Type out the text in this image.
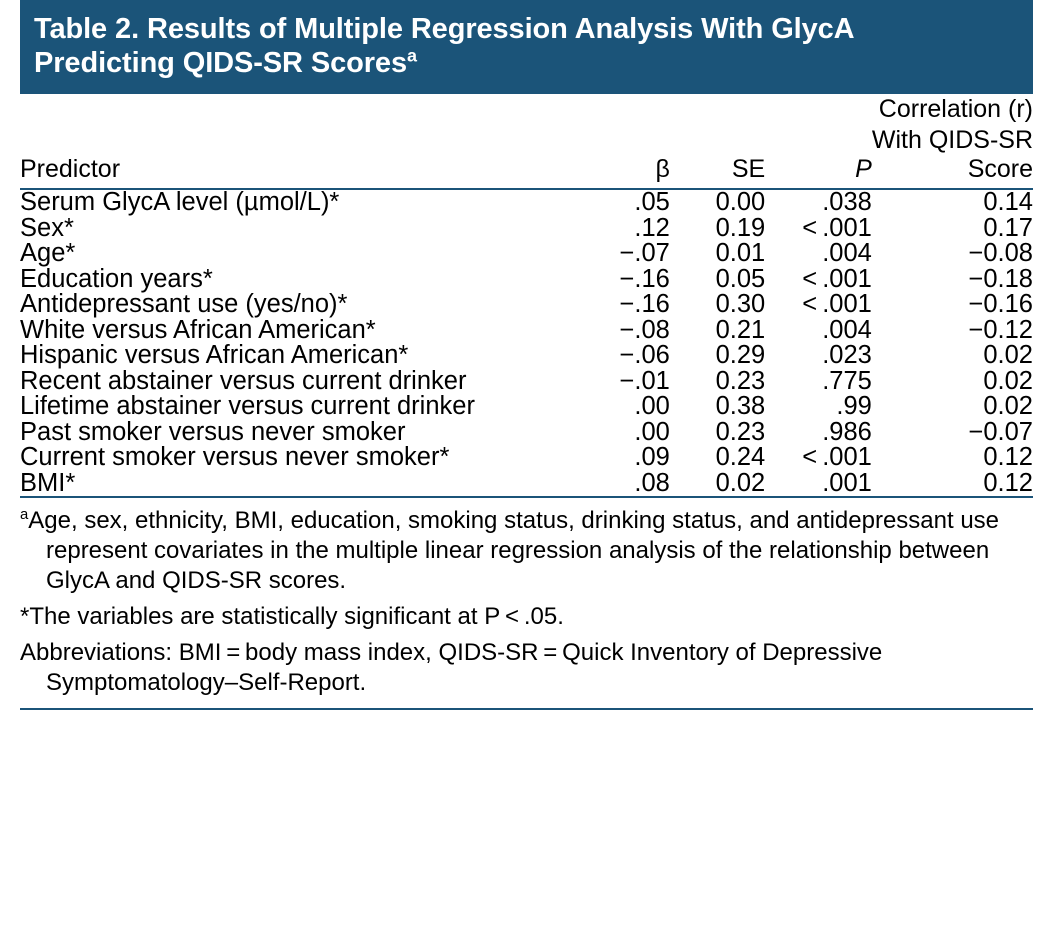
Table 2. Results of Multiple Regression Analysis With GlycA
Predicting QIDS-SR Scores$^a$

				Correlation (r)
With QIDS-SR

Predictor	β	SE	P	Score
Serum GlycA level (µmol/L)*	.05	0.00	.038	0.14
Sex*	.12	0.19	< .001	0.17
Age*	−.07	0.01	.004	−0.08
Education years*	−.16	0.05	< .001	−0.18
Antidepressant use (yes/no)*	−.16	0.30	< .001	−0.16
White versus African American*	−.08	0.21	.004	−0.12
Hispanic versus African American*	−.06	0.29	.023	0.02
Recent abstainer versus current drinker	−.01	0.23	.775	0.02
Lifetime abstainer versus current drinker	.00	0.38	.99	0.02
Past smoker versus never smoker	.00	0.23	.986	−0.07
Current smoker versus never smoker*	.09	0.24	< .001	0.12
BMI*	.08	0.02	.001	0.12

$^a$Age, sex, ethnicity, BMI, education, smoking status, drinking status, and antidepressant use represent covariates in the multiple linear regression analysis of the relationship between GlycA and QIDS-SR scores.

*The variables are statistically significant at P < .05.

Abbreviations: BMI = body mass index, QIDS-SR = Quick Inventory of Depressive Symptomatology–Self-Report.
